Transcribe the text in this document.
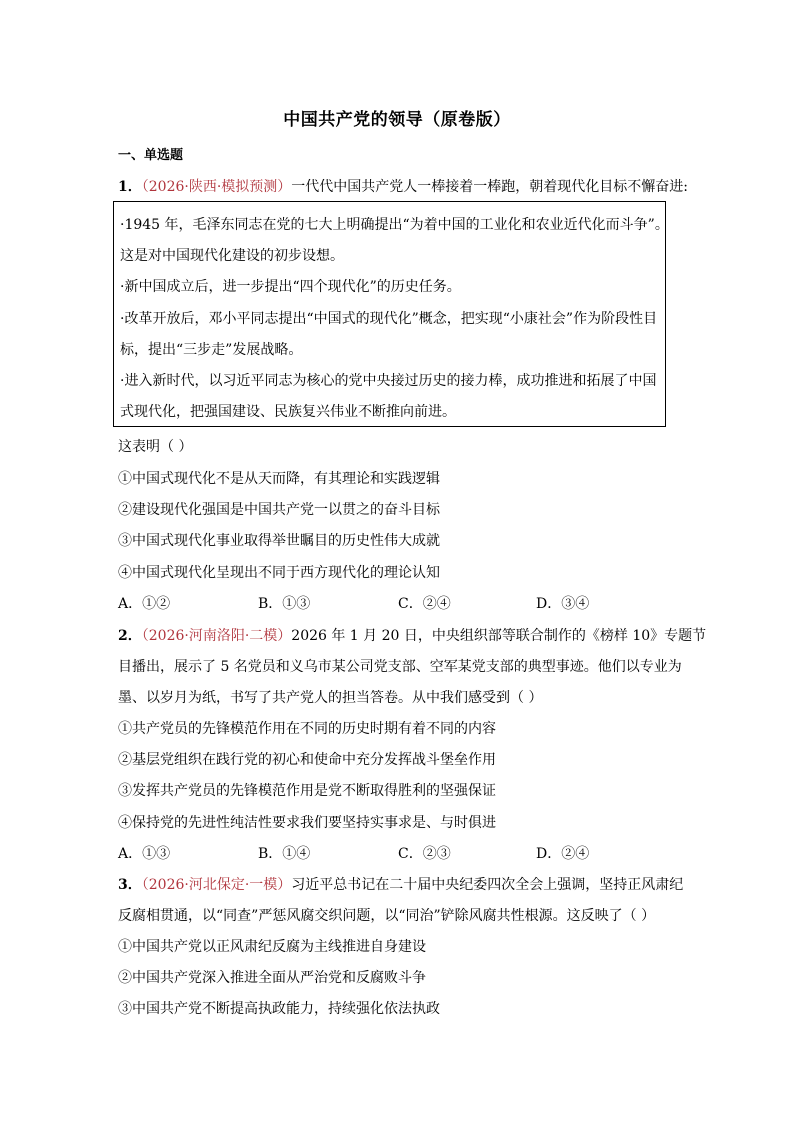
中国共产党的领导（原卷版）
一、单选题
1．（2026·陕西·模拟预测）一代代中国共产党人一棒接着一棒跑，朝着现代化目标不懈奋进:
·1945 年，毛泽东同志在党的七大上明确提出“为着中国的工业化和农业近代化而斗争”。
这是对中国现代化建设的初步设想。
·新中国成立后，进一步提出“四个现代化”的历史任务。
·改革开放后，邓小平同志提出“中国式的现代化”概念，把实现“小康社会”作为阶段性目
标，提出“三步走”发展战略。
·进入新时代，以习近平同志为核心的党中央接过历史的接力棒，成功推进和拓展了中国
式现代化，把强国建设、民族复兴伟业不断推向前进。
这表明（ ）
①中国式现代化不是从天而降，有其理论和实践逻辑
②建设现代化强国是中国共产党一以贯之的奋斗目标
③中国式现代化事业取得举世瞩目的历史性伟大成就
④中国式现代化呈现出不同于西方现代化的理论认知
A．①②	B．①③	C．②④	D．③④
2．（2026·河南洛阳·二模）2026 年 1 月 20 日，中央组织部等联合制作的《榜样 10》专题节
目播出，展示了 5 名党员和义乌市某公司党支部、空军某党支部的典型事迹。他们以专业为
墨、以岁月为纸，书写了共产党人的担当答卷。从中我们感受到（ ）
①共产党员的先锋模范作用在不同的历史时期有着不同的内容
②基层党组织在践行党的初心和使命中充分发挥战斗堡垒作用
③发挥共产党员的先锋模范作用是党不断取得胜利的坚强保证
④保持党的先进性纯洁性要求我们要坚持实事求是、与时俱进
A．①③	B．①④	C．②③	D．②④
3．（2026·河北保定·一模）习近平总书记在二十届中央纪委四次全会上强调，坚持正风肃纪
反腐相贯通，以“同查”严惩风腐交织问题，以“同治”铲除风腐共性根源。这反映了（ ）
①中国共产党以正风肃纪反腐为主线推进自身建设
②中国共产党深入推进全面从严治党和反腐败斗争
③中国共产党不断提高执政能力，持续强化依法执政
